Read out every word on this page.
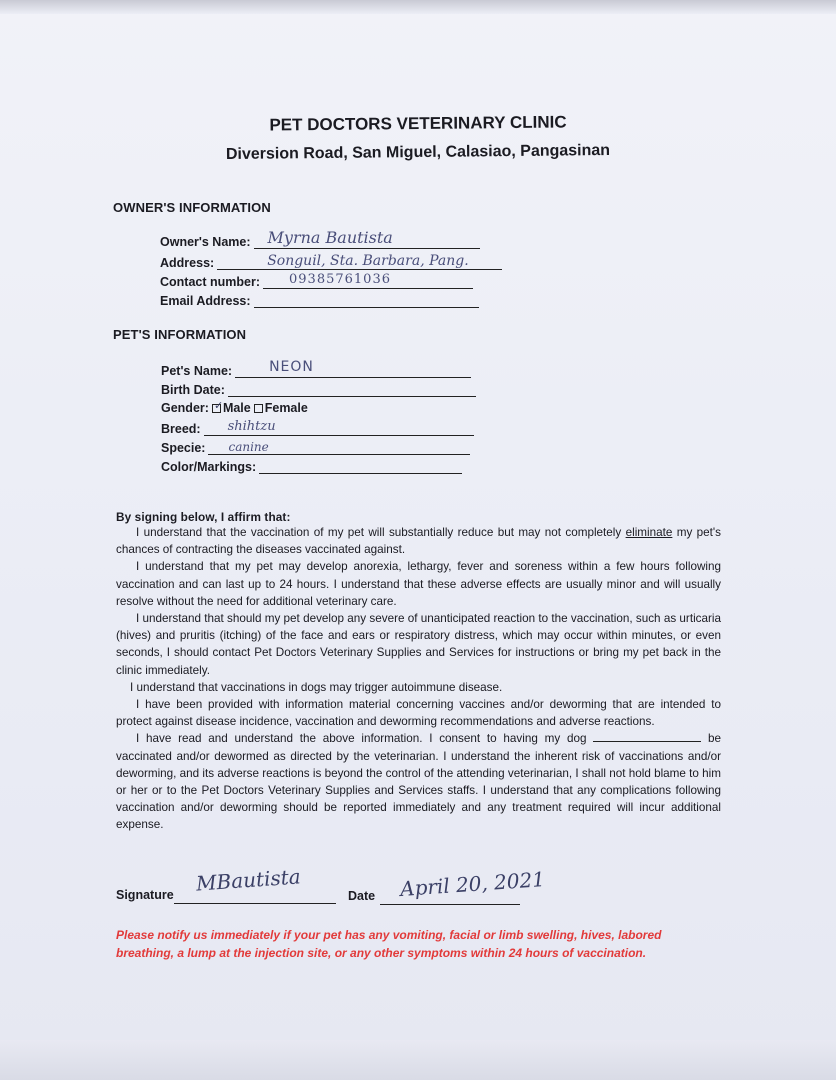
PET DOCTORS VETERINARY CLINIC
Diversion Road, San Miguel, Calasiao, Pangasinan
OWNER'S INFORMATION
Owner's Name: Myrna Bautista
Address:	Songuil, Sta. Barbara, Pang.
Contact number: 09385761036
Email Address:
PET'S INFORMATION
Pet's Name:	NEON
Birth Date:
Gender: ✓ Male Female
Breed: shihtzu
Specie: canine
Color/Markings:
By signing below, I affirm that:

I understand that the vaccination of my pet will substantially reduce but may not completely eliminate my pet's chances of contracting the diseases vaccinated against.

I understand that my pet may develop anorexia, lethargy, fever and soreness within a few hours following vaccination and can last up to 24 hours. I understand that these adverse effects are usually minor and will usually resolve without the need for additional veterinary care.

I understand that should my pet develop any severe of unanticipated reaction to the vaccination, such as urticaria (hives) and pruritis (itching) of the face and ears or respiratory distress, which may occur within minutes, or even seconds, I should contact Pet Doctors Veterinary Supplies and Services for instructions or bring my pet back in the clinic immediately.

I understand that vaccinations in dogs may trigger autoimmune disease.

I have been provided with information material concerning vaccines and/or deworming that are intended to protect against disease incidence, vaccination and deworming recommendations and adverse reactions.

I have read and understand the above information. I consent to having my dog	be vaccinated and/or dewormed as directed by the veterinarian. I understand the inherent risk of vaccinations and/or deworming, and its adverse reactions is beyond the control of the attending veterinarian, I shall not hold blame to him or her or to the Pet Doctors Veterinary Supplies and Services staffs. I understand that any complications following vaccination and/or deworming should be reported immediately and any treatment required will incur additional expense.

Signature MBautista
Date April 20, 2021
Please notify us immediately if your pet has any vomiting, facial or limb swelling, hives, labored breathing, a lump at the injection site, or any other symptoms within 24 hours of vaccination.
